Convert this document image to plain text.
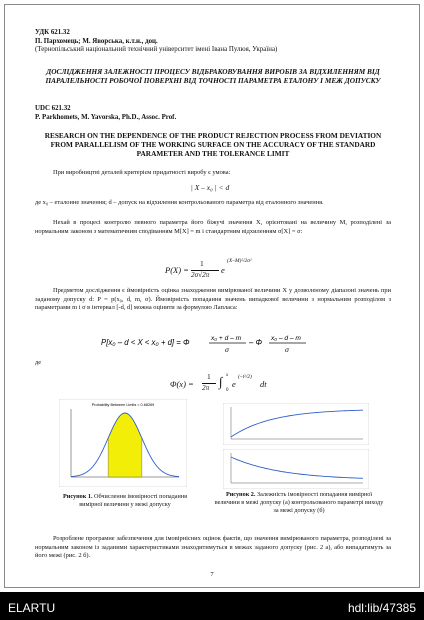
УДК 621.32
П. Пархомець; М. Яворська, к.т.н., доц.
(Тернопільський національний технічний університет імені Івана Пулюя, Україна)
ДОСЛІДЖЕННЯ ЗАЛЕЖНОСТІ ПРОЦЕСУ ВІДБРАКОВУВАННЯ ВИРОБІВ ЗА ВІДХИЛЕННЯМ ВІД ПАРАЛЕЛЬНОСТІ РОБОЧОЇ ПОВЕРХНІ ВІД ТОЧНОСТІ ПАРАМЕТРА ЕТАЛОНУ І МЕЖ ДОПУСКУ
UDC 621.32
P. Parkhomets, M. Yavorska, Ph.D., Assoc. Prof.
RESEARCH ON THE DEPENDENCE OF THE PRODUCT REJECTION PROCESS FROM DEVIATION FROM PARALLELISM OF THE WORKING SURFACE ON THE ACCURACY OF THE STANDARD PARAMETER AND THE TOLERANCE LIMIT
При виробництві деталей критерієм придатності виробу є умова:
| X – x₀ | < d
де x₀ – еталонне значення; d – допуск на відхилення контрольованого параметра від еталонного значення.
Нехай в процесі контролю певного параметра його біжучі значення X, орієнтовані на величину M, розподілені за нормальним законом з математичним сподіванням M[X] = m і стандартним відхиленням σ[X] = σ:
P(X) =
1
2σ√2π e
(X–M)²/2σ²
Предметом дослідження є ймовірність оцінка знаходження вимірюваної величини X у дозволеному діапазоні значень при заданому допуску d: P = p(x₀, d, m, σ). Ймовірність попадання значень випадкової величини з нормальним розподілом з параметрами m і σ в інтервал [-d, d] можна оцінити за формулою Лапласа:
P[x₀ – d < X < x₀ + d] = Φ	x₀ + d – m
σ
– Φ x₀ – d – m
σ
де
Φ(x) =
1
2π ∫ x
0
e
(–t²/2)
dt
Probability Between Limits = 0.68269
Рисунок 1. Обчислення імовірності попадання вимірної величини у межі допуску
Рисунок 2. Залежність імовірності попадання вимірної величини в межі допуску (а) контрольованого параметрі виходу за межі допуску (б)
Розроблене програмне забезпечення для імовірнісних оцінок фактів, що значення вимірюваного параметра, розподілені за нормальним законом із заданими характеристиками знаходитимуться в межах заданого допуску (рис. 2 а), або випадатимуть за його межі (рис. 2 б).
7
ELARTU	hdl:lib/47385
